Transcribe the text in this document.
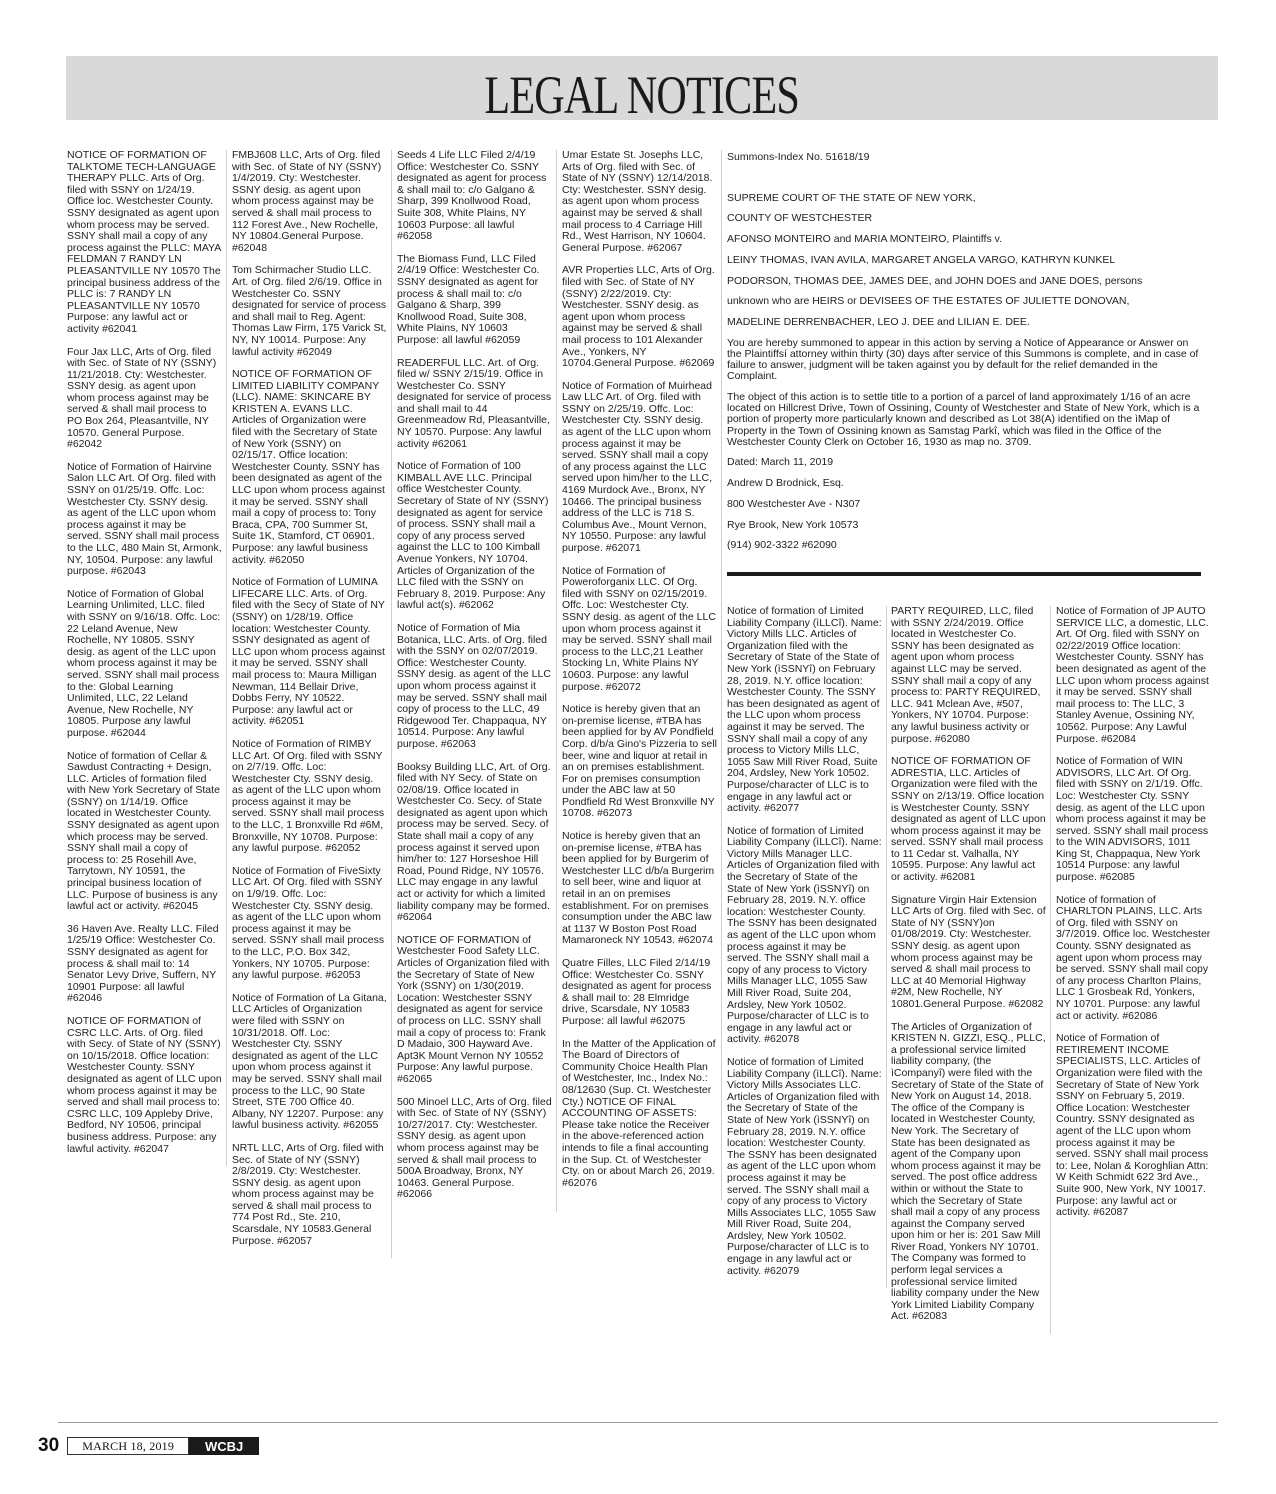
LEGAL NOTICES

NOTICE OF FORMATION OF TALKTOME TECH-LANGUAGE THERAPY PLLC. Arts of Org. filed with SSNY on 1/24/19. Office loc. Westchester County. SSNY designated as agent upon whom process may be served. SSNY shall mail a copy of any process against the PLLC: MAYA FELDMAN 7 RANDY LN PLEASANTVILLE NY 10570 The principal business address of the PLLC is: 7 RANDY LN PLEASANTVILLE NY 10570 Purpose: any lawful act or activity #62041

Four Jax LLC, Arts of Org. filed with Sec. of State of NY (SSNY) 11/21/2018. Cty: Westchester. SSNY desig. as agent upon whom process against may be served & shall mail process to PO Box 264, Pleasantville, NY 10570. General Purpose. #62042

Notice of Formation of Hairvine Salon LLC Art. Of Org. filed with SSNY on 01/25/19. Offc. Loc: Westchester Cty. SSNY desig. as agent of the LLC upon whom process against it may be served. SSNY shall mail process to the LLC, 480 Main St, Armonk, NY, 10504. Purpose: any lawful purpose. #62043

Notice of Formation of Global Learning Unlimited, LLC. filed with SSNY on 9/16/18. Offc. Loc: 22 Leland Avenue, New Rochelle, NY 10805. SSNY desig. as agent of the LLC upon whom process against it may be served. SSNY shall mail process to the: Global Learning Unlimited, LLC, 22 Leland Avenue, New Rochelle, NY 10805. Purpose any lawful purpose. #62044

Notice of formation of Cellar & Sawdust Contracting + Design, LLC. Articles of formation filed with New York Secretary of State (SSNY) on 1/14/19. Office located in Westchester County. SSNY designated as agent upon which process may be served. SSNY shall mail a copy of process to: 25 Rosehill Ave, Tarrytown, NY 10591, the principal business location of LLC. Purpose of business is any lawful act or activity. #62045

36 Haven Ave. Realty LLC. Filed 1/25/19 Office: Westchester Co. SSNY designated as agent for process & shall mail to: 14 Senator Levy Drive, Suffern, NY 10901 Purpose: all lawful #62046

NOTICE OF FORMATION of CSRC LLC. Arts. of Org. filed with Secy. of State of NY (SSNY) on 10/15/2018. Office location: Westchester County. SSNY designated as agent of LLC upon whom process against it may be served and shall mail process to: CSRC LLC, 109 Appleby Drive, Bedford, NY 10506, principal business address. Purpose: any lawful activity. #62047

FMBJ608 LLC, Arts of Org. filed with Sec. of State of NY (SSNY) 1/4/2019. Cty: Westchester. SSNY desig. as agent upon whom process against may be served & shall mail process to 112 Forest Ave., New Rochelle, NY 10804.General Purpose. #62048

Tom Schirmacher Studio LLC. Art. of Org. filed 2/6/19. Office in Westchester Co. SSNY designated for service of process and shall mail to Reg. Agent: Thomas Law Firm, 175 Varick St, NY, NY 10014. Purpose: Any lawful activity #62049

NOTICE OF FORMATION OF LIMITED LIABILITY COMPANY (LLC). NAME: SKINCARE BY KRISTEN A. EVANS LLC. Articles of Organization were filed with the Secretary of State of New York (SSNY) on 02/15/17. Office location: Westchester County. SSNY has been designated as agent of the LLC upon whom process against it may be served. SSNY shall mail a copy of process to: Tony Braca, CPA, 700 Summer St, Suite 1K, Stamford, CT 06901. Purpose: any lawful business activity. #62050

Notice of Formation of LUMINA LIFECARE LLC. Arts. of Org. filed with the Secy of State of NY (SSNY) on 1/28/19. Office location: Westchester County. SSNY designated as agent of LLC upon whom process against it may be served. SSNY shall mail process to: Maura Milligan Newman, 114 Bellair Drive, Dobbs Ferry, NY 10522. Purpose: any lawful act or activity. #62051

Notice of Formation of RIMBY LLC Art. Of Org. filed with SSNY on 2/7/19. Offc. Loc: Westchester Cty. SSNY desig. as agent of the LLC upon whom process against it may be served. SSNY shall mail process to the LLC, 1 Bronxville Rd #6M, Bronxville, NY 10708. Purpose: any lawful purpose. #62052

Notice of Formation of FiveSixty LLC Art. Of Org. filed with SSNY on 1/9/19. Offc. Loc: Westchester Cty. SSNY desig. as agent of the LLC upon whom process against it may be served. SSNY shall mail process to the LLC, P.O. Box 342, Yonkers, NY 10705. Purpose: any lawful purpose. #62053

Notice of Formation of La Gitana, LLC Articles of Organization were filed with SSNY on 10/31/2018. Off. Loc: Westchester Cty. SSNY designated as agent of the LLC upon whom process against it may be served. SSNY shall mail process to the LLC, 90 State Street, STE 700 Office 40. Albany, NY 12207. Purpose: any lawful business activity. #62055

NRTL LLC, Arts of Org. filed with Sec. of State of NY (SSNY) 2/8/2019. Cty: Westchester. SSNY desig. as agent upon whom process against may be served & shall mail process to 774 Post Rd., Ste. 210, Scarsdale, NY 10583.General Purpose. #62057

Seeds 4 Life LLC Filed 2/4/19 Office: Westchester Co. SSNY designated as agent for process & shall mail to: c/o Galgano & Sharp, 399 Knollwood Road, Suite 308, White Plains, NY 10603 Purpose: all lawful #62058

The Biomass Fund, LLC Filed 2/4/19 Office: Westchester Co. SSNY designated as agent for process & shall mail to: c/o Galgano & Sharp, 399 Knollwood Road, Suite 308, White Plains, NY 10603 Purpose: all lawful #62059

READERFUL LLC. Art. of Org. filed w/ SSNY 2/15/19. Office in Westchester Co. SSNY designated for service of process and shall mail to 44 Greenmeadow Rd, Pleasantville, NY 10570. Purpose: Any lawful activity #62061

Notice of Formation of 100 KIMBALL AVE LLC. Principal office Westchester County. Secretary of State of NY (SSNY) designated as agent for service of process. SSNY shall mail a copy of any process served against the LLC to 100 Kimball Avenue Yonkers, NY 10704. Articles of Organization of the LLC filed with the SSNY on February 8, 2019. Purpose: Any lawful act(s). #62062

Notice of Formation of Mia Botanica, LLC. Arts. of Org. filed with the SSNY on 02/07/2019. Office: Westchester County. SSNY desig. as agent of the LLC upon whom process against it may be served. SSNY shall mail copy of process to the LLC, 49 Ridgewood Ter. Chappaqua, NY 10514. Purpose: Any lawful purpose. #62063

Booksy Building LLC, Art. of Org. filed with NY Secy. of State on 02/08/19. Office located in Westchester Co. Secy. of State designated as agent upon which process may be served. Secy. of State shall mail a copy of any process against it served upon him/her to: 127 Horseshoe Hill Road, Pound Ridge, NY 10576. LLC may engage in any lawful act or activity for which a limited liability company may be formed. #62064

NOTICE OF FORMATION of Westchester Food Safety LLC. Articles of Organization filed with the Secretary of State of New York (SSNY) on 1/30(2019. Location: Westchester SSNY designated as agent for service of process on LLC. SSNY shall mail a copy of process to: Frank D Madaio, 300 Hayward Ave. Apt3K Mount Vernon NY 10552 Purpose: Any lawful purpose. #62065

500 Minoel LLC, Arts of Org. filed with Sec. of State of NY (SSNY) 10/27/2017. Cty: Westchester. SSNY desig. as agent upon whom process against may be served & shall mail process to 500A Broadway, Bronx, NY 10463. General Purpose. #62066

Umar Estate St. Josephs LLC, Arts of Org. filed with Sec. of State of NY (SSNY) 12/14/2018. Cty: Westchester. SSNY desig. as agent upon whom process against may be served & shall mail process to 4 Carriage Hill Rd., West Harrison, NY 10604. General Purpose. #62067

AVR Properties LLC, Arts of Org. filed with Sec. of State of NY (SSNY) 2/22/2019. Cty: Westchester. SSNY desig. as agent upon whom process against may be served & shall mail process to 101 Alexander Ave., Yonkers, NY 10704.General Purpose. #62069

Notice of Formation of Muirhead Law LLC Art. of Org. filed with SSNY on 2/25/19. Offc. Loc: Westchester Cty. SSNY desig. as agent of the LLC upon whom process against it may be served. SSNY shall mail a copy of any process against the LLC served upon him/her to the LLC, 4169 Murdock Ave., Bronx, NY 10466. The principal business address of the LLC is 718 S. Columbus Ave., Mount Vernon, NY 10550. Purpose: any lawful purpose. #62071

Notice of Formation of Poweroforganix LLC. Of Org. filed with SSNY on 02/15/2019. Offc. Loc: Westchester Cty. SSNY desig. as agent of the LLC upon whom process against it may be served. SSNY shall mail process to the LLC,21 Leather Stocking Ln, White Plains NY 10603. Purpose: any lawful purpose. #62072

Notice is hereby given that an on-premise license, #TBA has been applied for by AV Pondfield Corp. d/b/a Gino's Pizzeria to sell beer, wine and liquor at retail in an on premises establishment. For on premises consumption under the ABC law at 50 Pondfield Rd West Bronxville NY 10708. #62073

Notice is hereby given that an on-premise license, #TBA has been applied for by Burgerim of Westchester LLC d/b/a Burgerim to sell beer, wine and liquor at retail in an on premises establishment. For on premises consumption under the ABC law at 1137 W Boston Post Road Mamaroneck NY 10543. #62074

Quatre Filles, LLC Filed 2/14/19 Office: Westchester Co. SSNY designated as agent for process & shall mail to: 28 Elmridge drive, Scarsdale, NY 10583 Purpose: all lawful #62075

In the Matter of the Application of The Board of Directors of Community Choice Health Plan of Westchester, Inc., Index No.: 08/12630 (Sup. Ct. Westchester Cty.) NOTICE OF FINAL ACCOUNTING OF ASSETS: Please take notice the Receiver in the above-referenced action intends to file a final accounting in the Sup. Ct. of Westchester Cty. on or about March 26, 2019. #62076

Summons-Index No. 51618/19
SUPREME COURT OF THE STATE OF NEW YORK,
COUNTY OF WESTCHESTER
AFONSO MONTEIRO and MARIA MONTEIRO, Plaintiffs v.
LEINY THOMAS, IVAN AVILA, MARGARET ANGELA VARGO, KATHRYN KUNKEL
PODORSON, THOMAS DEE, JAMES DEE, and JOHN DOES and JANE DOES, persons
unknown who are HEIRS or DEVISEES OF THE ESTATES OF JULIETTE DONOVAN,
MADELINE DERRENBACHER, LEO J. DEE and LILIAN E. DEE.
You are hereby summoned to appear in this action by serving a Notice of Appearance or Answer on the Plaintiffsí attorney within thirty (30) days after service of this Summons is complete, and in case of failure to answer, judgment will be taken against you by default for the relief demanded in the Complaint.
The object of this action is to settle title to a portion of a parcel of land approximately 1/16 of an acre located on Hillcrest Drive, Town of Ossining, County of Westchester and State of New York, which is a portion of property more particularly known and described as Lot 38(A) identified on the ìMap of Property in the Town of Ossining known as Samstag Parkî, which was filed in the Office of the Westchester County Clerk on October 16, 1930 as map no. 3709.
Dated: March 11, 2019
Andrew D Brodnick, Esq.
800 Westchester Ave - N307
Rye Brook, New York 10573
(914) 902-3322 #62090

Notice of formation of Limited Liability Company (ìLLCî). Name: Victory Mills LLC. Articles of Organization filed with the Secretary of State of the State of New York (ìSSNYî) on February 28, 2019. N.Y. office location: Westchester County. The SSNY has been designated as agent of the LLC upon whom process against it may be served. The SSNY shall mail a copy of any process to Victory Mills LLC, 1055 Saw Mill River Road, Suite 204, Ardsley, New York 10502. Purpose/character of LLC is to engage in any lawful act or activity. #62077

Notice of formation of Limited Liability Company (ìLLCî). Name: Victory Mills Manager LLC. Articles of Organization filed with the Secretary of State of the State of New York (ìSSNYî) on February 28, 2019. N.Y. office location: Westchester County. The SSNY has been designated as agent of the LLC upon whom process against it may be served. The SSNY shall mail a copy of any process to Victory Mills Manager LLC, 1055 Saw Mill River Road, Suite 204, Ardsley, New York 10502. Purpose/character of LLC is to engage in any lawful act or activity. #62078

Notice of formation of Limited Liability Company (ìLLCî). Name: Victory Mills Associates LLC. Articles of Organization filed with the Secretary of State of the State of New York (ìSSNYî) on February 28, 2019. N.Y. office location: Westchester County. The SSNY has been designated as agent of the LLC upon whom process against it may be served. The SSNY shall mail a copy of any process to Victory Mills Associates LLC, 1055 Saw Mill River Road, Suite 204, Ardsley, New York 10502. Purpose/character of LLC is to engage in any lawful act or activity. #62079

PARTY REQUIRED, LLC, filed with SSNY 2/24/2019. Office located in Westchester Co. SSNY has been designated as agent upon whom process against LLC may be served. SSNY shall mail a copy of any process to: PARTY REQUIRED, LLC. 941 Mclean Ave, #507, Yonkers, NY 10704. Purpose: any lawful business activity or purpose. #62080

NOTICE OF FORMATION OF ADRESTIA, LLC. Articles of Organization were filed with the SSNY on 2/13/19. Office location is Westchester County. SSNY designated as agent of LLC upon whom process against it may be served. SSNY shall mail process to 11 Cedar st. Valhalla, NY 10595. Purpose: Any lawful act or activity. #62081

Signature Virgin Hair Extension LLC Arts of Org. filed with Sec. of State of NY (SSNY)on 01/08/2019. Cty: Westchester. SSNY desig. as agent upon whom process against may be served & shall mail process to LLC at 40 Memorial Highway #2M, New Rochelle, NY 10801.General Purpose. #62082

The Articles of Organization of KRISTEN N. GIZZI, ESQ., PLLC, a professional service limited liability company, (the ìCompanyî) were filed with the Secretary of State of the State of New York on August 14, 2018. The office of the Company is located in Westchester County, New York. The Secretary of State has been designated as agent of the Company upon whom process against it may be served. The post office address within or without the State to which the Secretary of State shall mail a copy of any process against the Company served upon him or her is: 201 Saw Mill River Road, Yonkers NY 10701. The Company was formed to perform legal services a professional service limited liability company under the New York Limited Liability Company Act. #62083

Notice of Formation of JP AUTO SERVICE LLC, a domestic, LLC. Art. Of Org. filed with SSNY on 02/22/2019 Office location: Westchester County. SSNY has been designated as agent of the LLC upon whom process against it may be served. SSNY shall mail process to: The LLC, 3 Stanley Avenue, Ossining NY, 10562. Purpose: Any Lawful Purpose. #62084

Notice of Formation of WIN ADVISORS, LLC Art. Of Org. filed with SSNY on 2/1/19. Offc. Loc: Westchester Cty. SSNY desig. as agent of the LLC upon whom process against it may be served. SSNY shall mail process to the WIN ADVISORS, 1011 King St, Chappaqua, New York 10514 Purpose: any lawful purpose. #62085

Notice of formation of CHARLTON PLAINS, LLC. Arts of Org. filed with SSNY on 3/7/2019. Office loc. Westchester County. SSNY designated as agent upon whom process may be served. SSNY shall mail copy of any process Charlton Plains, LLC 1 Grosbeak Rd, Yonkers, NY 10701. Purpose: any lawful act or activity. #62086

Notice of Formation of RETIREMENT INCOME SPECIALISTS, LLC. Articles of Organization were filed with the Secretary of State of New York SSNY on February 5, 2019. Office Location: Westchester Country. SSNY designated as agent of the LLC upon whom process against it may be served. SSNY shall mail process to: Lee, Nolan & Koroghlian Attn: W Keith Schmidt 622 3rd Ave., Suite 900, New York, NY 10017. Purpose: any lawful act or activity. #62087

30	MARCH 18, 2019	WCBJ
